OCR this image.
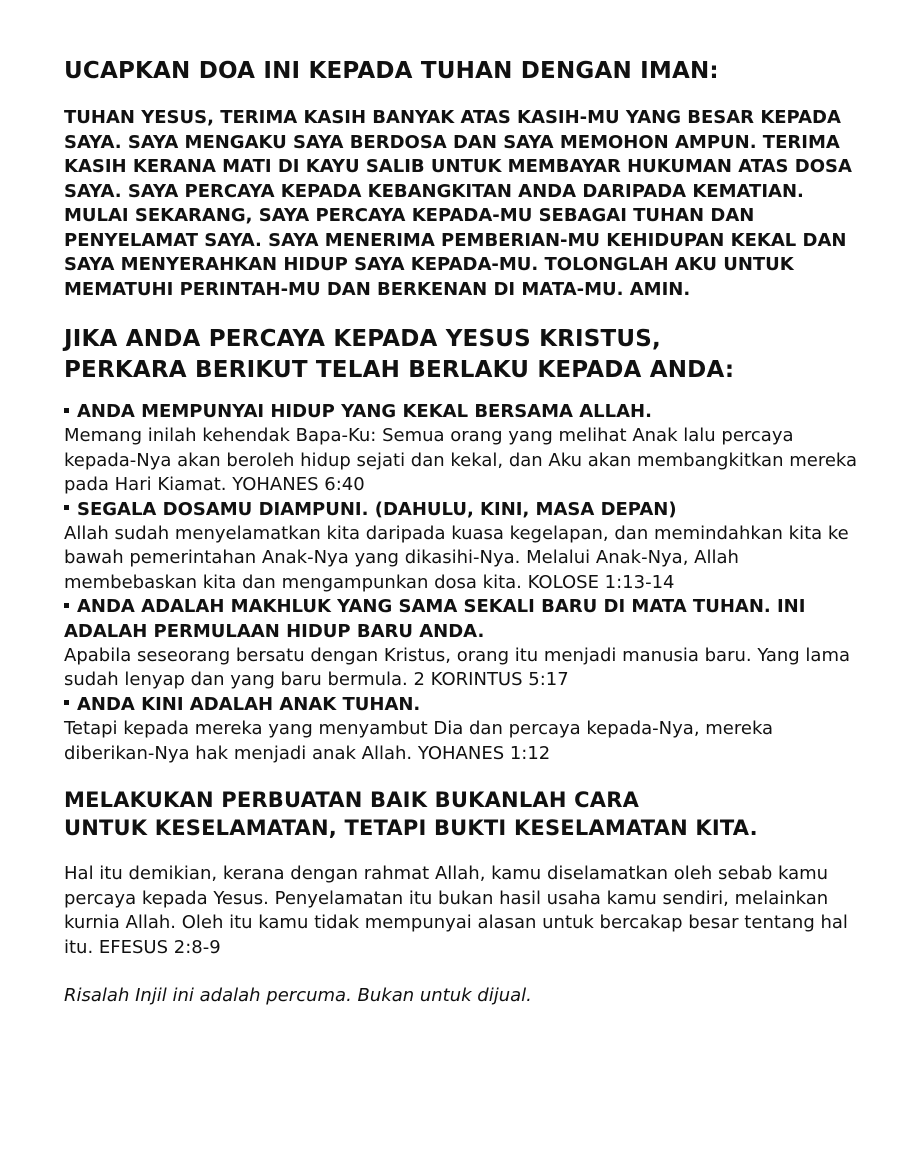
UCAPKAN DOA INI KEPADA TUHAN DENGAN IMAN:

TUHAN YESUS, TERIMA KASIH BANYAK ATAS KASIH-MU YANG BESAR KEPADA SAYA. SAYA MENGAKU SAYA BERDOSA DAN SAYA MEMOHON AMPUN. TERIMA KASIH KERANA MATI DI KAYU SALIB UNTUK MEMBAYAR HUKUMAN ATAS DOSA SAYA. SAYA PERCAYA KEPADA KEBANGKITAN ANDA DARIPADA KEMATIAN. MULAI SEKARANG, SAYA PERCAYA KEPADA-MU SEBAGAI TUHAN DAN PENYELAMAT SAYA. SAYA MENERIMA PEMBERIAN-MU KEHIDUPAN KEKAL DAN SAYA MENYERAHKAN HIDUP SAYA KEPADA-MU. TOLONGLAH AKU UNTUK MEMATUHI PERINTAH-MU DAN BERKENAN DI MATA-MU. AMIN.

JIKA ANDA PERCAYA KEPADA YESUS KRISTUS,
PERKARA BERIKUT TELAH BERLAKU KEPADA ANDA:

ANDA MEMPUNYAI HIDUP YANG KEKAL BERSAMA ALLAH.

Memang inilah kehendak Bapa-Ku: Semua orang yang melihat Anak lalu percaya kepada-Nya akan beroleh hidup sejati dan kekal, dan Aku akan membangkitkan mereka pada Hari Kiamat. YOHANES 6:40

SEGALA DOSAMU DIAMPUNI. (DAHULU, KINI, MASA DEPAN)

Allah sudah menyelamatkan kita daripada kuasa kegelapan, dan memindahkan kita ke bawah pemerintahan Anak-Nya yang dikasihi-Nya. Melalui Anak-Nya, Allah membebaskan kita dan mengampunkan dosa kita. KOLOSE 1:13-14

ANDA ADALAH MAKHLUK YANG SAMA SEKALI BARU DI MATA TUHAN. INI ADALAH PERMULAAN HIDUP BARU ANDA.

Apabila seseorang bersatu dengan Kristus, orang itu menjadi manusia baru. Yang lama sudah lenyap dan yang baru bermula. 2 KORINTUS 5:17

ANDA KINI ADALAH ANAK TUHAN.

Tetapi kepada mereka yang menyambut Dia dan percaya kepada-Nya, mereka diberikan-Nya hak menjadi anak Allah. YOHANES 1:12

MELAKUKAN PERBUATAN BAIK BUKANLAH CARA
UNTUK KESELAMATAN, TETAPI BUKTI KESELAMATAN KITA.

Hal itu demikian, kerana dengan rahmat Allah, kamu diselamatkan oleh sebab kamu percaya kepada Yesus. Penyelamatan itu bukan hasil usaha kamu sendiri, melainkan kurnia Allah. Oleh itu kamu tidak mempunyai alasan untuk bercakap besar tentang hal itu. EFESUS 2:8-9

Risalah Injil ini adalah percuma. Bukan untuk dijual.
